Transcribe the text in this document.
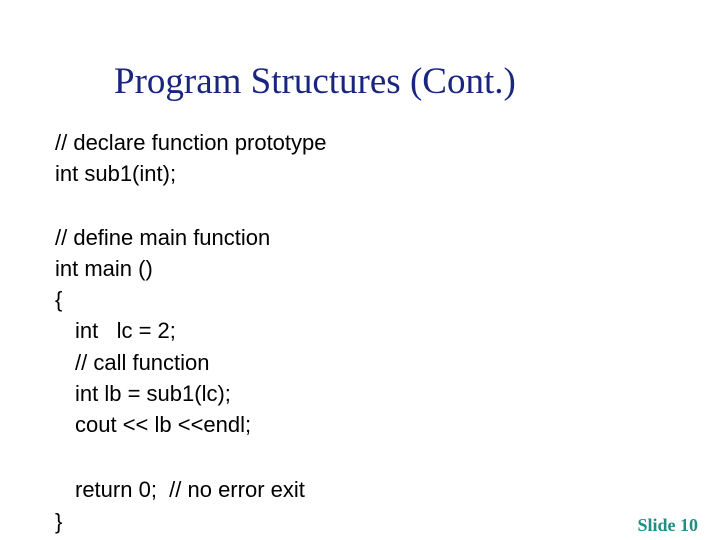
Program Structures (Cont.)
// declare function prototype
int sub1(int);
// define main function
int main ()
{
int   lc = 2;
// call function
int lb = sub1(lc);
cout << lb <<endl;
return 0;  // no error exit
}	Slide 10
